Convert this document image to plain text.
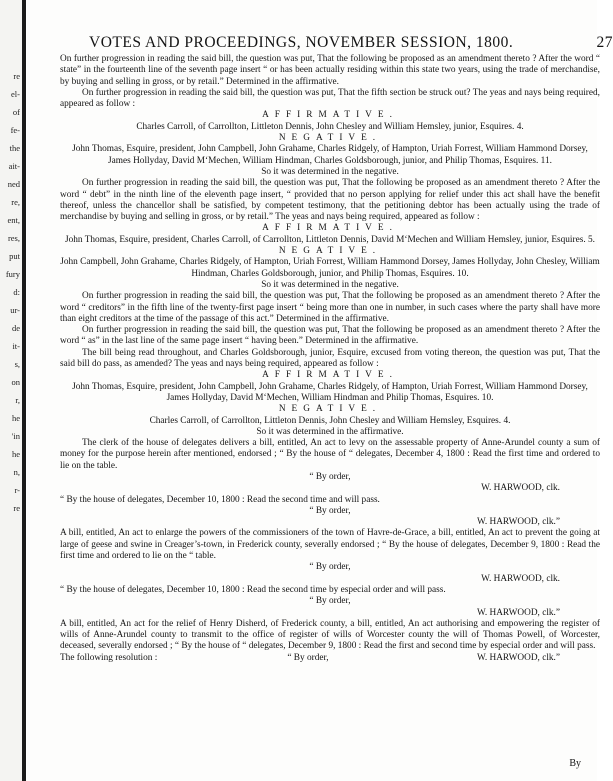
re
el-
of
fe-
the
ait-
ned
re,
ent,
res,
put
fury
d:
ur-
de
it-
s,
on
r,
he
'in
he
n,
r-
re
VOTES AND PROCEEDINGS, NOVEMBER SESSION, 1800.	27

On further progression in reading the said bill, the question was put, That the following be proposed as an amendment thereto ? After the word “ state” in the fourteenth line of the seventh page insert “ or has been actually residing within this state two years, using the trade of merchandise, by buying and selling in gross, or by retail.” Determined in the affirmative.

On further progression in reading the said bill, the question was put, That the fifth section be struck out? The yeas and nays being required, appeared as follow :

AFFIRMATIVE.

Charles Carroll, of Carrollton, Littleton Dennis, John Chesley and William Hemsley, junior, Esquires. 4.

NEGATIVE.

John Thomas, Esquire, president, John Campbell, John Grahame, Charles Ridgely, of Hampton, Uriah Forrest, William Hammond Dorsey, James Hollyday, David M‘Mechen, William Hindman, Charles Goldsborough, junior, and Philip Thomas, Esquires. 11.

So it was determined in the negative.

On further progression in reading the said bill, the question was put, That the following be proposed as an amendment thereto ? After the word “ debt” in the ninth line of the eleventh page insert, “ provided that no person applying for relief under this act shall have the benefit thereof, unless the chancellor shall be satisfied, by competent testimony, that the petitioning debtor has been actually using the trade of merchandise by buying and selling in gross, or by retail.” The yeas and nays being required, appeared as follow :

AFFIRMATIVE.

John Thomas, Esquire, president, Charles Carroll, of Carrollton, Littleton Dennis, David M‘Mechen and William Hemsley, junior, Esquires. 5.

NEGATIVE.

John Campbell, John Grahame, Charles Ridgely, of Hampton, Uriah Forrest, William Hammond Dorsey, James Hollyday, John Chesley, William Hindman, Charles Goldsborough, junior, and Philip Thomas, Esquires. 10.

So it was determined in the negative.

On further progression in reading the said bill, the question was put, That the following be proposed as an amendment thereto ? After the word “ creditors” in the fifth line of the twenty-first page insert “ being more than one in number, in such cases where the party shall have more than eight creditors at the time of the passage of this act.” Determined in the affirmative.

On further progression in reading the said bill, the question was put, That the following be proposed as an amendment thereto ? After the word “ as” in the last line of the same page insert “ having been.” Determined in the affirmative.

The bill being read throughout, and Charles Goldsborough, junior, Esquire, excused from voting thereon, the question was put, That the said bill do pass, as amended? The yeas and nays being required, appeared as follow :

AFFIRMATIVE.

John Thomas, Esquire, president, John Campbell, John Grahame, Charles Ridgely, of Hampton, Uriah Forrest, William Hammond Dorsey, James Hollyday, David M‘Mechen, William Hindman and Philip Thomas, Esquires. 10.

NEGATIVE.

Charles Carroll, of Carrollton, Littleton Dennis, John Chesley and William Hemsley, Esquires. 4.

So it was determined in the affirmative.

The clerk of the house of delegates delivers a bill, entitled, An act to levy on the assessable property of Anne-Arundel county a sum of money for the purpose herein after mentioned, endorsed ; “ By the house of “ delegates, December 4, 1800 : Read the first time and ordered to lie on the table.

“ By order,

W. HARWOOD, clk.

“ By the house of delegates, December 10, 1800 : Read the second time and will pass.

“ By order,

W. HARWOOD, clk.”

A bill, entitled, An act to enlarge the powers of the commissioners of the town of Havre-de-Grace, a bill, entitled, An act to prevent the going at large of geese and swine in Creager’s-town, in Frederick county, severally endorsed ; “ By the house of delegates, December 9, 1800 : Read the first time and ordered to lie on the “ table.

“ By order,

W. HARWOOD, clk.

“ By the house of delegates, December 10, 1800 : Read the second time by especial order and will pass.

“ By order,

W. HARWOOD, clk.”

A bill, entitled, An act for the relief of Henry Disherd, of Frederick county, a bill, entitled, An act authorising and empowering the register of wills of Anne-Arundel county to transmit to the office of register of wills of Worcester county the will of Thomas Powell, of Worcester, deceased, severally endorsed ; “ By the house of “ delegates, December 9, 1800 : Read the first and second time by especial order and will pass.

The following resolution :	“ By order,	W. HARWOOD, clk.”

By
